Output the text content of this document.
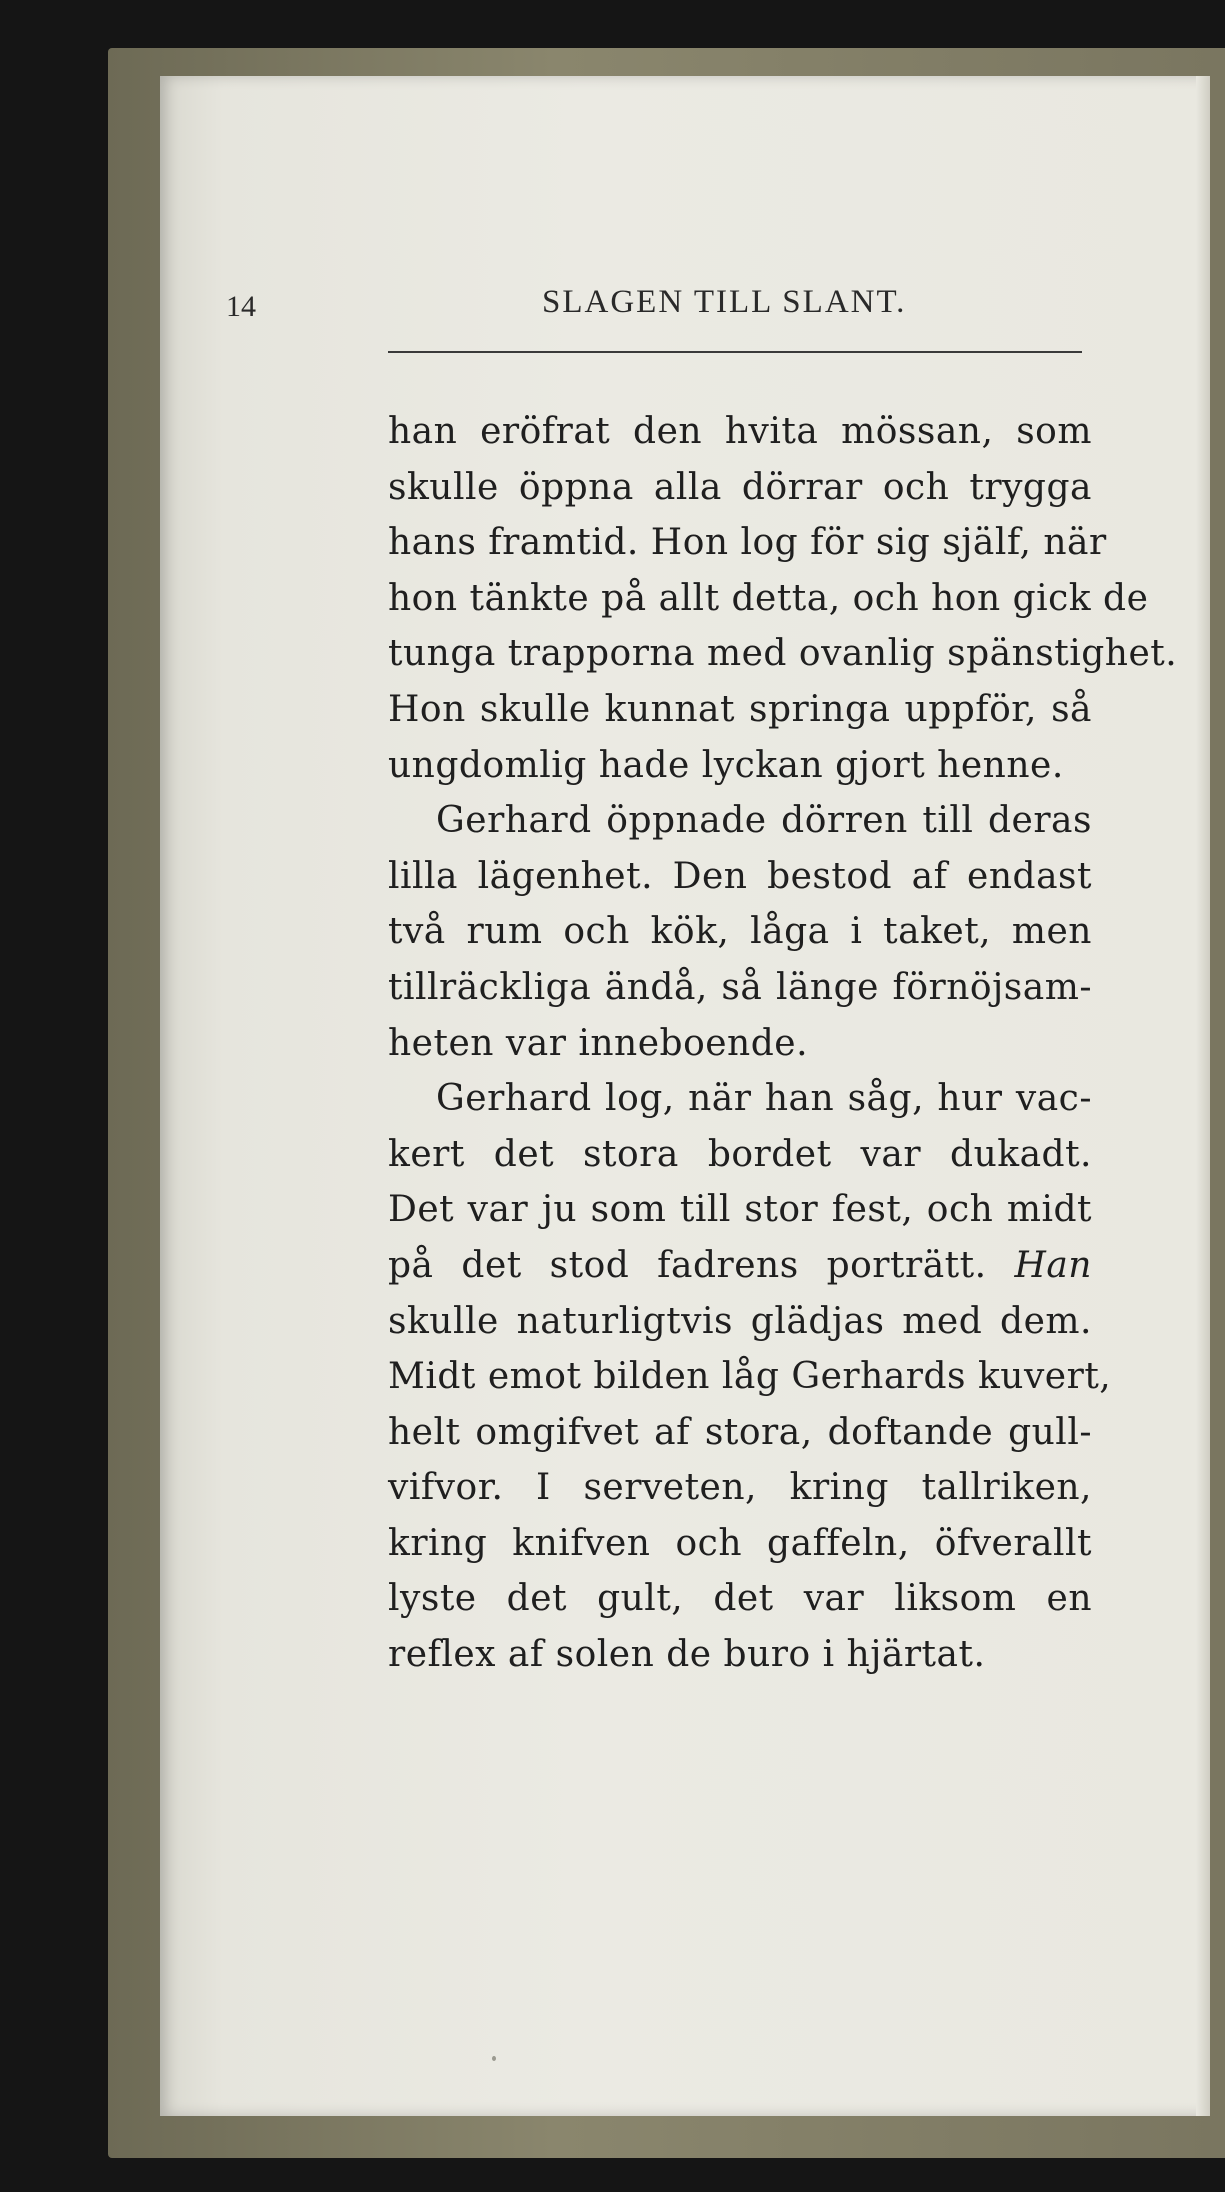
14	SLAGEN TILL SLANT.
han eröfrat den hvita mössan, som
skulle öppna alla dörrar och trygga
hans framtid. Hon log för sig själf, när
hon tänkte på allt detta, och hon gick de
tunga trapporna med ovanlig spänstighet.
Hon skulle kunnat springa uppför, så
ungdomlig hade lyckan gjort henne.
Gerhard öppnade dörren till deras
lilla lägenhet. Den bestod af endast
två rum och kök, låga i taket, men
tillräckliga ändå, så länge förnöjsam-
heten var inneboende.
Gerhard log, när han såg, hur vac-
kert det stora bordet var dukadt.
Det var ju som till stor fest, och midt
på det stod fadrens porträtt. Han
skulle naturligtvis glädjas med dem.
Midt emot bilden låg Gerhards kuvert,
helt omgifvet af stora, doftande gull-
vifvor. I serveten, kring tallriken,
kring knifven och gaffeln, öfverallt
lyste det gult, det var liksom en
reflex af solen de buro i hjärtat.
